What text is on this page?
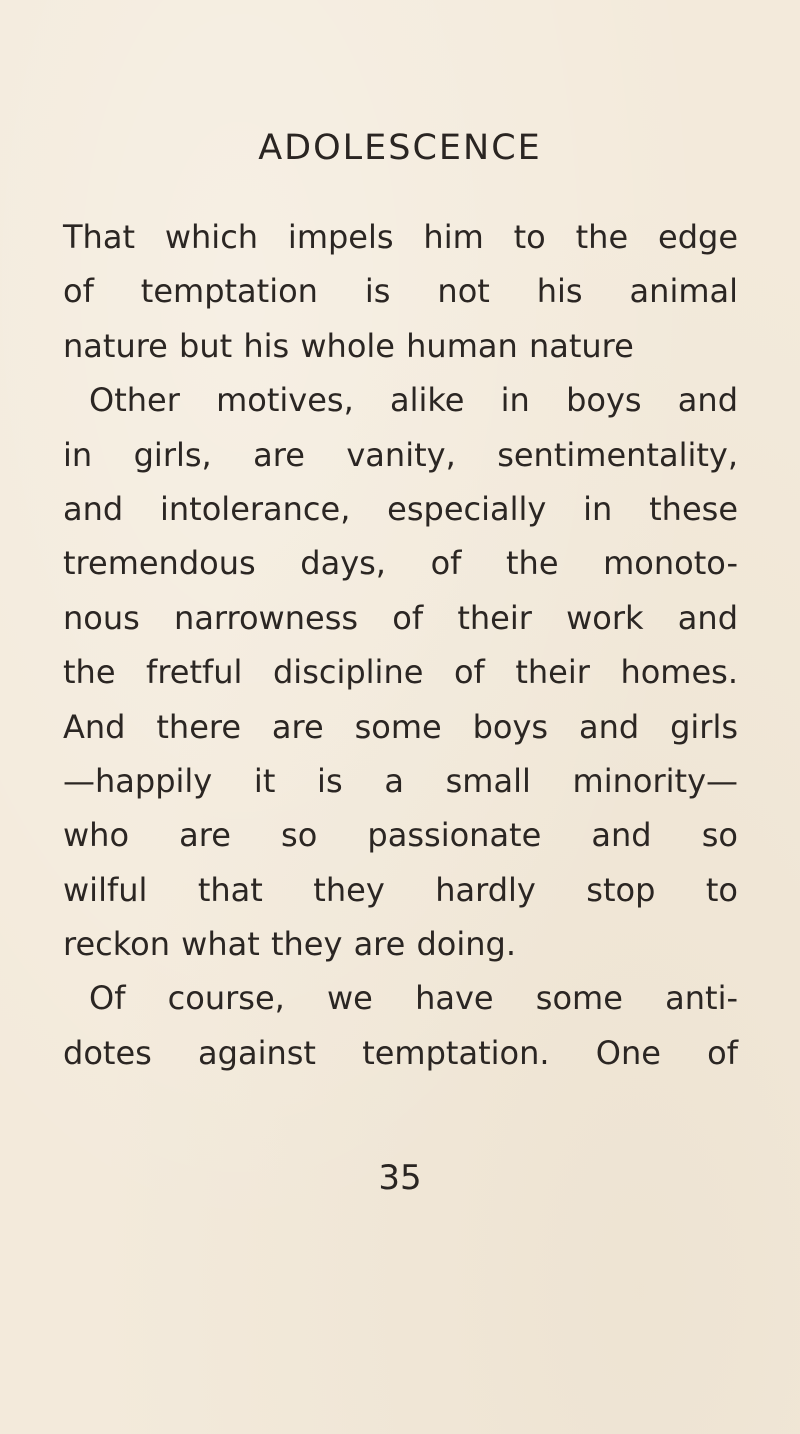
ADOLESCENCE
That which impels him to the edge
of temptation is not his animal
nature but his whole human nature
Other motives, alike in boys and
in girls, are vanity, sentimentality,
and intolerance, especially in these
tremendous days, of the monoto-
nous narrowness of their work and
the fretful discipline of their homes.
And there are some boys and girls
—happily it is a small minority—
who are so passionate and so
wilful that they hardly stop to
reckon what they are doing.
Of course, we have some anti-
dotes against temptation. One of
35
